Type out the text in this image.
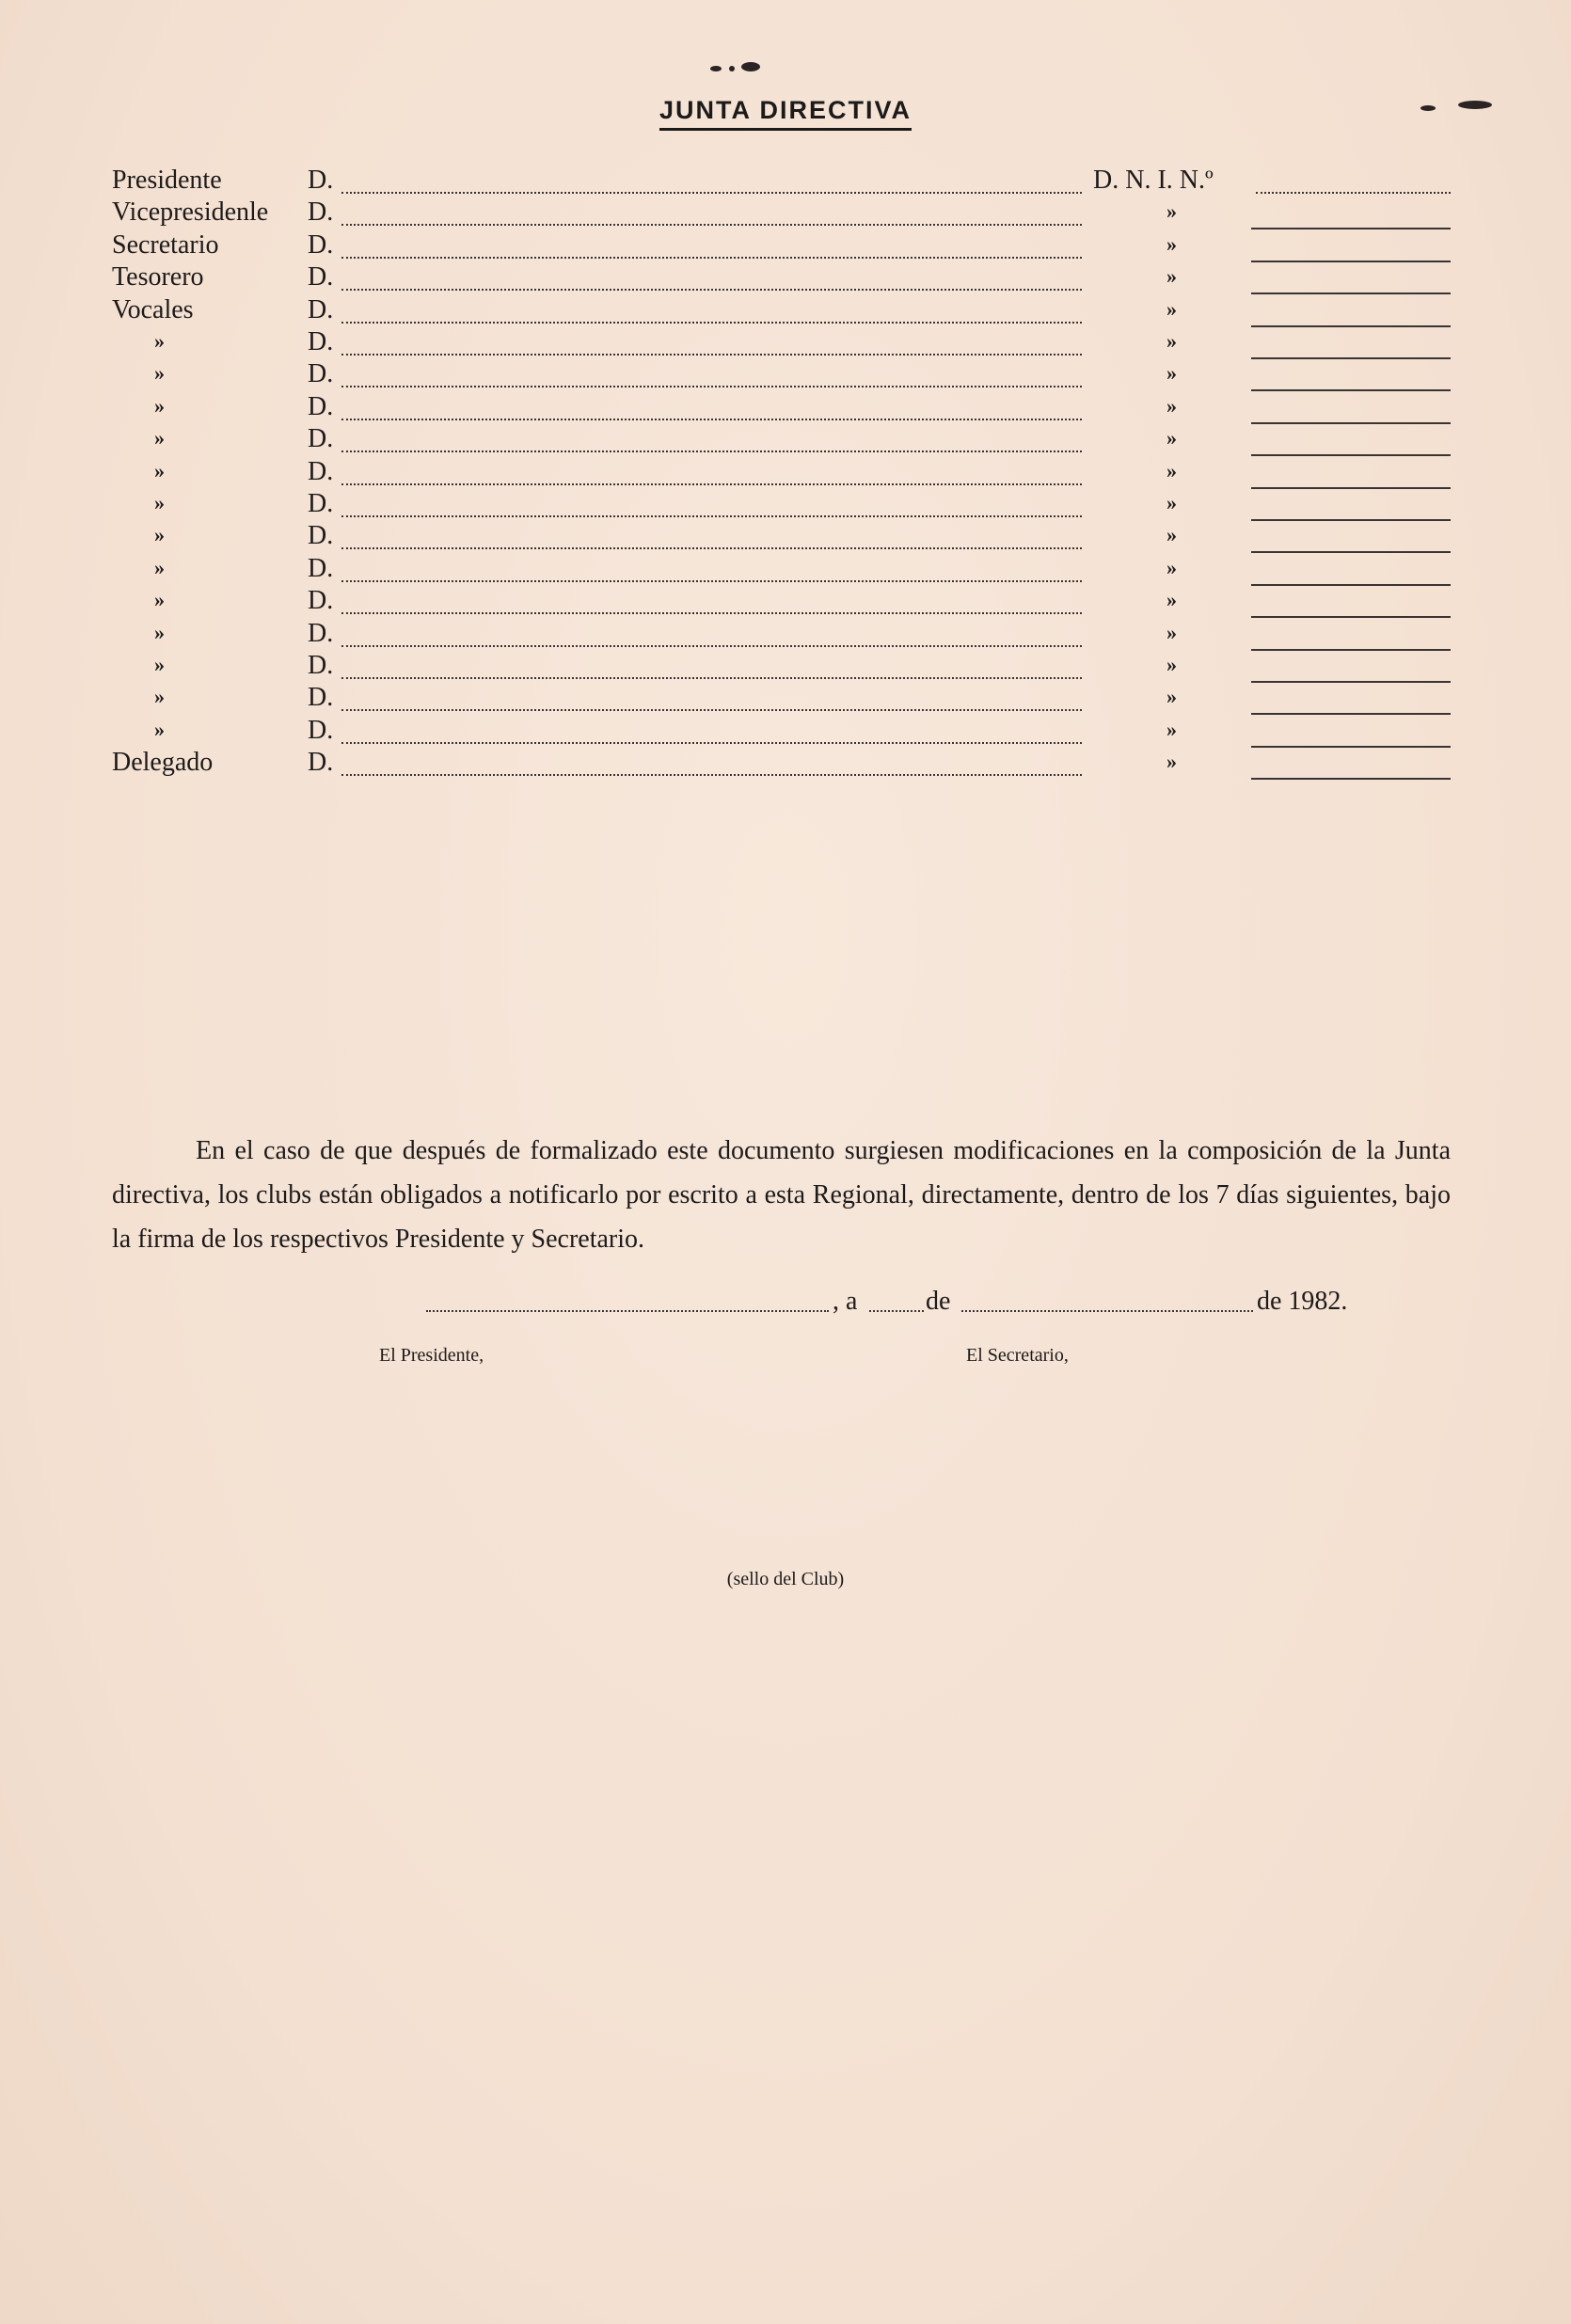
JUNTA DIRECTIVA
Presidente	D.	D. N. I. N.º
Vicepresidenle D.	»
Secretario	D.	»
Tesorero	D.	»
Vocales	D.	»
»	D.	»
»	D.	»
»	D.	»
»	D.	»
»	D.	»
»	D.	»
»	D.	»
»	D.	»
»	D.	»
»	D.	»
»	D.	»
»	D.	»
»	D.	»
Delegado	D.	»
En el caso de que después de formalizado este documento surgiesen modificaciones en la composición de la Junta directiva, los clubs están obligados a notificarlo por escrito a esta Regional, directamente, dentro de los 7 días siguientes, bajo la firma de los respectivos Presidente y Secretario.
, a	de	de 1982.
El Presidente,	El Secretario,
(sello del Club)
